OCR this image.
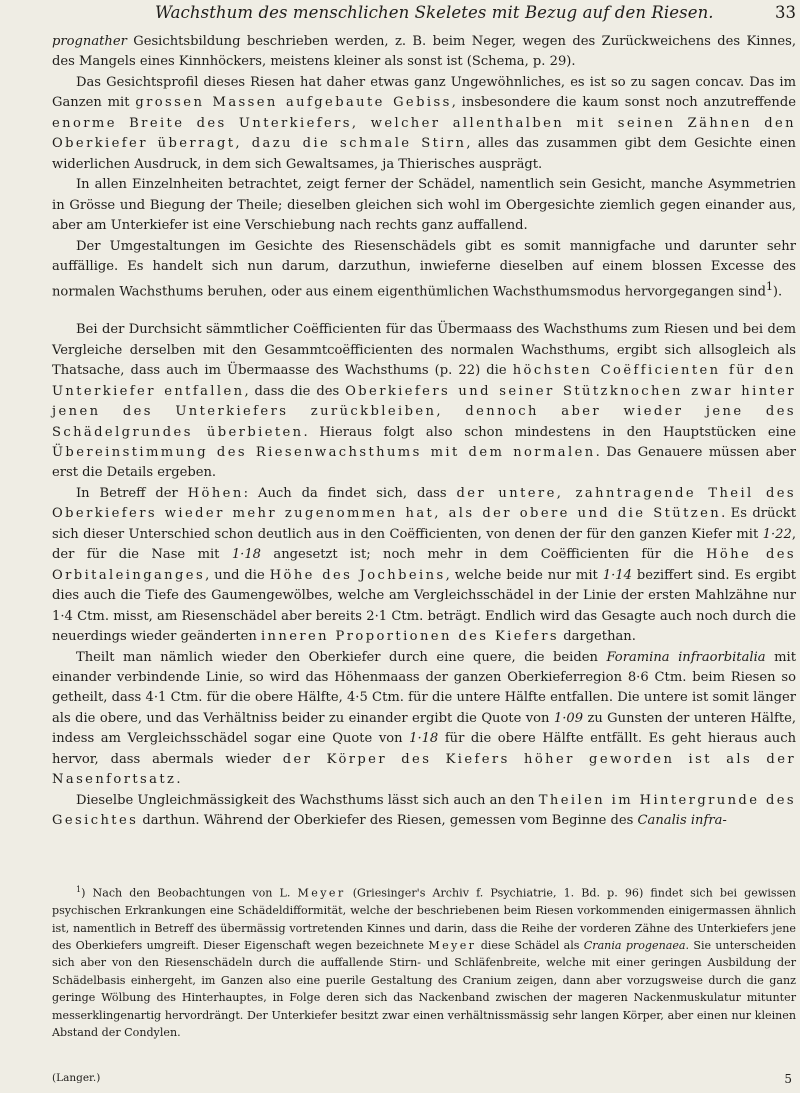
Wachsthum des menschlichen Skeletes mit Bezug auf den Riesen.	33

prognather Gesichtsbildung beschrieben werden, z. B. beim Neger, wegen des Zurückweichens des Kinnes, des Mangels eines Kinnhöckers, meistens kleiner als sonst ist (Schema, p. 29).

Das Gesichtsprofil dieses Riesen hat daher etwas ganz Ungewöhnliches, es ist so zu sagen concav. Das im Ganzen mit grossen Massen aufgebaute Gebiss, insbesondere die kaum sonst noch anzutreffende enorme Breite des Unterkiefers, welcher allenthalben mit seinen Zähnen den Oberkiefer überragt, dazu die schmale Stirn, alles das zusammen gibt dem Gesichte einen widerlichen Ausdruck, in dem sich Gewaltsames, ja Thierisches ausprägt.

In allen Einzelnheiten betrachtet, zeigt ferner der Schädel, namentlich sein Gesicht, manche Asymmetrien in Grösse und Biegung der Theile; dieselben gleichen sich wohl im Obergesichte ziemlich gegen einander aus, aber am Unterkiefer ist eine Verschiebung nach rechts ganz auffallend.

Der Umgestaltungen im Gesichte des Riesenschädels gibt es somit mannigfache und darunter sehr auffällige. Es handelt sich nun darum, darzuthun, inwieferne dieselben auf einem blossen Excesse des normalen Wachsthums beruhen, oder aus einem eigenthümlichen Wachsthumsmodus hervorgegangen sind$^1$).

Bei der Durchsicht sämmtlicher Coëfficienten für das Übermaass des Wachsthums zum Riesen und bei dem Vergleiche derselben mit den Gesammtcoëfficienten des normalen Wachsthums, ergibt sich allsogleich als Thatsache, dass auch im Übermaasse des Wachsthums (p. 22) die höchsten Coëfficienten für den Unterkiefer entfallen, dass die des Oberkiefers und seiner Stützknochen zwar hinter jenen des Unterkiefers zurückbleiben, dennoch aber wieder jene des Schädelgrundes überbieten. Hieraus folgt also schon mindestens in den Hauptstücken eine Übereinstimmung des Riesenwachsthums mit dem normalen. Das Genauere müssen aber erst die Details ergeben.

In Betreff der Höhen: Auch da findet sich, dass der untere, zahntragende Theil des Oberkiefers wieder mehr zugenommen hat, als der obere und die Stützen. Es drückt sich dieser Unterschied schon deutlich aus in den Coëfficienten, von denen der für den ganzen Kiefer mit 1·22, der für die Nase mit 1·18 angesetzt ist; noch mehr in dem Coëfficienten für die Höhe des Orbitaleinganges, und die Höhe des Jochbeins, welche beide nur mit 1·14 beziffert sind. Es ergibt dies auch die Tiefe des Gaumengewölbes, welche am Vergleichsschädel in der Linie der ersten Mahlzähne nur 1·4 Ctm. misst, am Riesenschädel aber bereits 2·1 Ctm. beträgt. Endlich wird das Gesagte auch noch durch die neuerdings wieder geänderten inneren Proportionen des Kiefers dargethan.

Theilt man nämlich wieder den Oberkiefer durch eine quere, die beiden Foramina infraorbitalia mit einander verbindende Linie, so wird das Höhenmaass der ganzen Oberkieferregion 8·6 Ctm. beim Riesen so getheilt, dass 4·1 Ctm. für die obere Hälfte, 4·5 Ctm. für die untere Hälfte entfallen. Die untere ist somit länger als die obere, und das Verhältniss beider zu einander ergibt die Quote von 1·09 zu Gunsten der unteren Hälfte, indess am Vergleichsschädel sogar eine Quote von 1·18 für die obere Hälfte entfällt. Es geht hieraus auch hervor, dass abermals wieder der Körper des Kiefers höher geworden ist als der Nasenfortsatz.

Dieselbe Ungleichmässigkeit des Wachsthums lässt sich auch an den Theilen im Hintergrunde des Gesichtes darthun. Während der Oberkiefer des Riesen, gemessen vom Beginne des Canalis infra-

$^1$) Nach den Beobachtungen von L. Meyer (Griesinger's Archiv f. Psychiatrie, 1. Bd. p. 96) findet sich bei gewissen psychischen Erkrankungen eine Schädeldifformität, welche der beschriebenen beim Riesen vorkommenden einigermassen ähnlich ist, namentlich in Betreff des übermässig vortretenden Kinnes und darin, dass die Reihe der vorderen Zähne des Unterkiefers jene des Oberkiefers umgreift. Dieser Eigenschaft wegen bezeichnete Meyer diese Schädel als Crania progenaea. Sie unterscheiden sich aber von den Riesenschädeln durch die auffallende Stirn- und Schläfenbreite, welche mit einer geringen Ausbildung der Schädelbasis einhergeht, im Ganzen also eine puerile Gestaltung des Cranium zeigen, dann aber vorzugsweise durch die ganz geringe Wölbung des Hinterhauptes, in Folge deren sich das Nackenband zwischen der mageren Nackenmuskulatur mitunter messerklingenartig hervordrängt. Der Unterkiefer besitzt zwar einen verhältnissmässig sehr langen Körper, aber einen nur kleinen Abstand der Condylen.

(Langer.)	5
